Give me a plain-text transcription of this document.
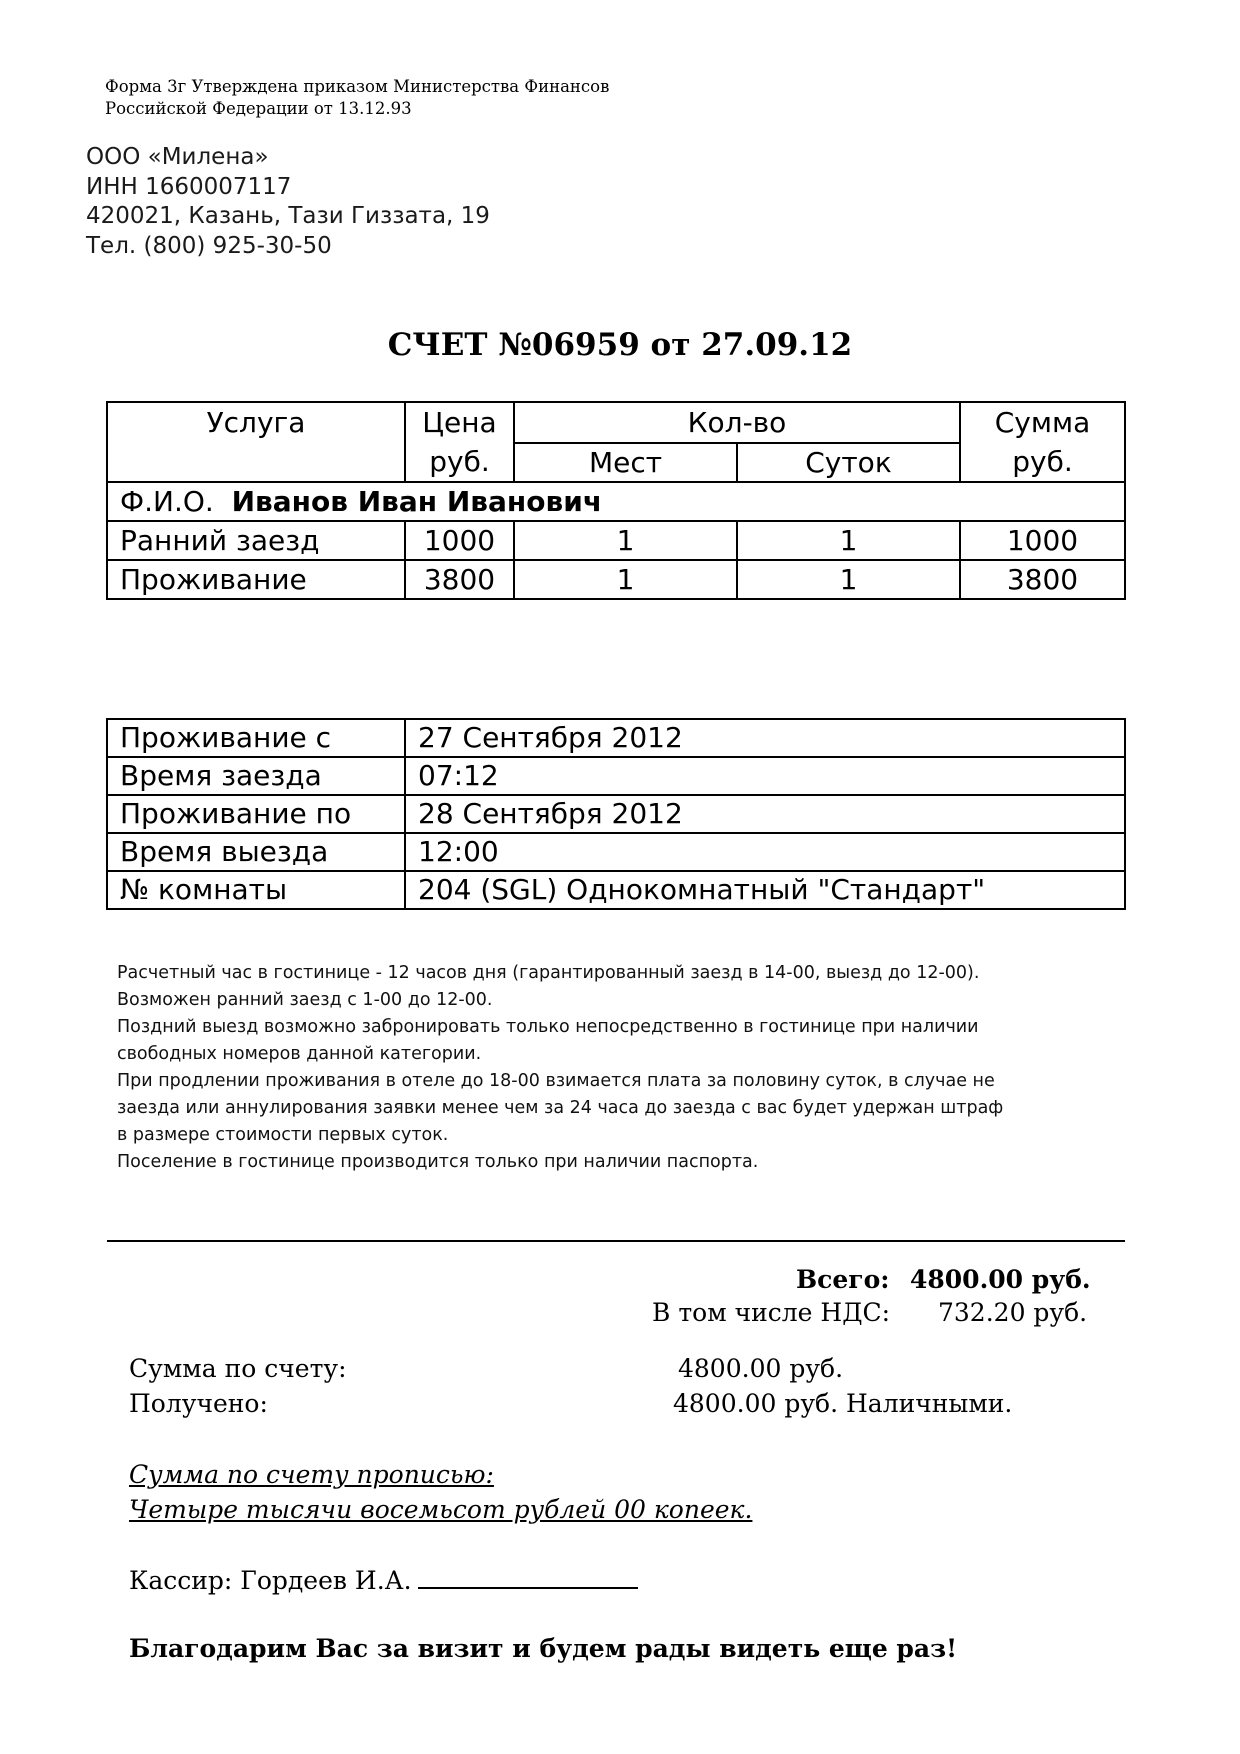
Форма 3г Утверждена приказом Министерства Финансов
Российской Федерации от 13.12.93
ООО «Милена»
ИНН 1660007117
420021, Казань, Тази Гиззата, 19
Тел. (800) 925-30-50
СЧЕТ №06959 от 27.09.12
Услуга	Цена	Кол-во		Сумма
	руб.	Мест	Суток	руб.
Ф.И.О. Иванов Иван Иванович				
Ранний заезд	1000	1	1	1000
Проживание	3800	1	1	3800
Проживание с	27 Сентября 2012
Время заезда	07:12
Проживание по	28 Сентября 2012
Время выезда	12:00
№ комнаты	204 (SGL) Однокомнатный "Стандарт"
Расчетный час в гостинице - 12 часов дня (гарантированный заезд в 14-00, выезд до 12-00).
Возможен ранний заезд с 1-00 до 12-00.
Поздний выезд возможно забронировать только непосредственно в гостинице при наличии
свободных номеров данной категории.
При продлении проживания в отеле до 18-00 взимается плата за половину суток, в случае не
заезда или аннулирования заявки менее чем за 24 часа до заезда с вас будет удержан штраф
в размере стоимости первых суток.
Поселение в гостинице производится только при наличии паспорта.
Всего: 4800.00 руб.
В том числе НДС: 732.20 руб.
Сумма по счету:	4800.00 руб.
Получено:	4800.00 руб. Наличными.
Сумма по счету прописью:
Четыре тысячи восемьсот рублей 00 копеек.
Кассир: Гордеев И.А.
Благодарим Вас за визит и будем рады видеть еще раз!
